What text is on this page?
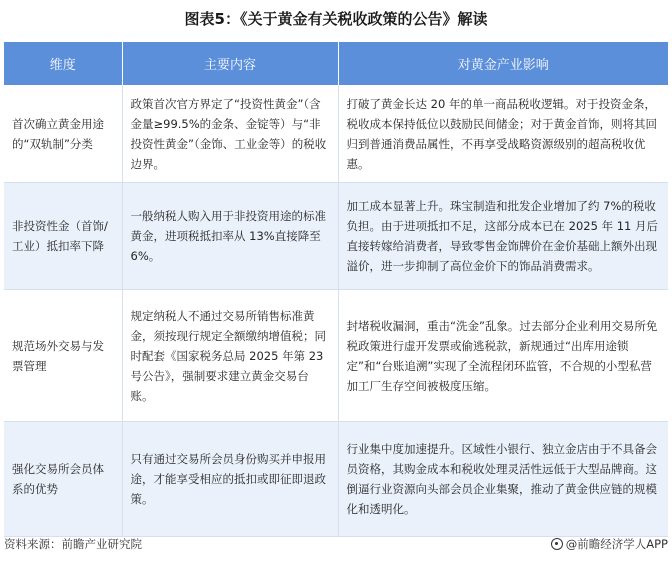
图表5：《关于黄金有关税收政策的公告》解读
维度	主要内容	对黄金产业影响
首次确立黄金用途的“双轨制”分类	政策首次官方界定了“投资性黄金”（含金量≥99.5%的金条、金锭等）与“非投资性黄金”（金饰、工业金等）的税收边界。	打破了黄金长达 20 年的单一商品税收逻辑。对于投资金条，税收成本保持低位以鼓励民间储金；对于黄金首饰，则将其回归到普通消费品属性，不再享受战略资源级别的超高税收优惠。
非投资性金（首饰/工业）抵扣率下降	一般纳税人购入用于非投资用途的标准黄金，进项税抵扣率从 13%直接降至 6%。	加工成本显著上升。珠宝制造和批发企业增加了约 7%的税收负担。由于进项抵扣不足，这部分成本已在 2025 年 11 月后直接转嫁给消费者，导致零售金饰牌价在金价基础上额外出现溢价，进一步抑制了高位金价下的饰品消费需求。
规范场外交易与发票管理	规定纳税人不通过交易所销售标准黄金，须按现行规定全额缴纳增值税；同时配套《国家税务总局 2025 年第 23 号公告》，强制要求建立黄金交易台账。	封堵税收漏洞，重击“洗金”乱象。过去部分企业利用交易所免税政策进行虚开发票或偷逃税款，新规通过“出库用途锁定”和“台账追溯”实现了全流程闭环监管，不合规的小型私营加工厂生存空间被极度压缩。
强化交易所会员体系的优势	只有通过交易所会员身份购买并申报用途，才能享受相应的抵扣或即征即退政策。	行业集中度加速提升。区域性小银行、独立金店由于不具备会员资格，其购金成本和税收处理灵活性远低于大型品牌商。这倒逼行业资源向头部会员企业集聚，推动了黄金供应链的规模化和透明化。
资料来源：前瞻产业研究院	@前瞻经济学人APP
